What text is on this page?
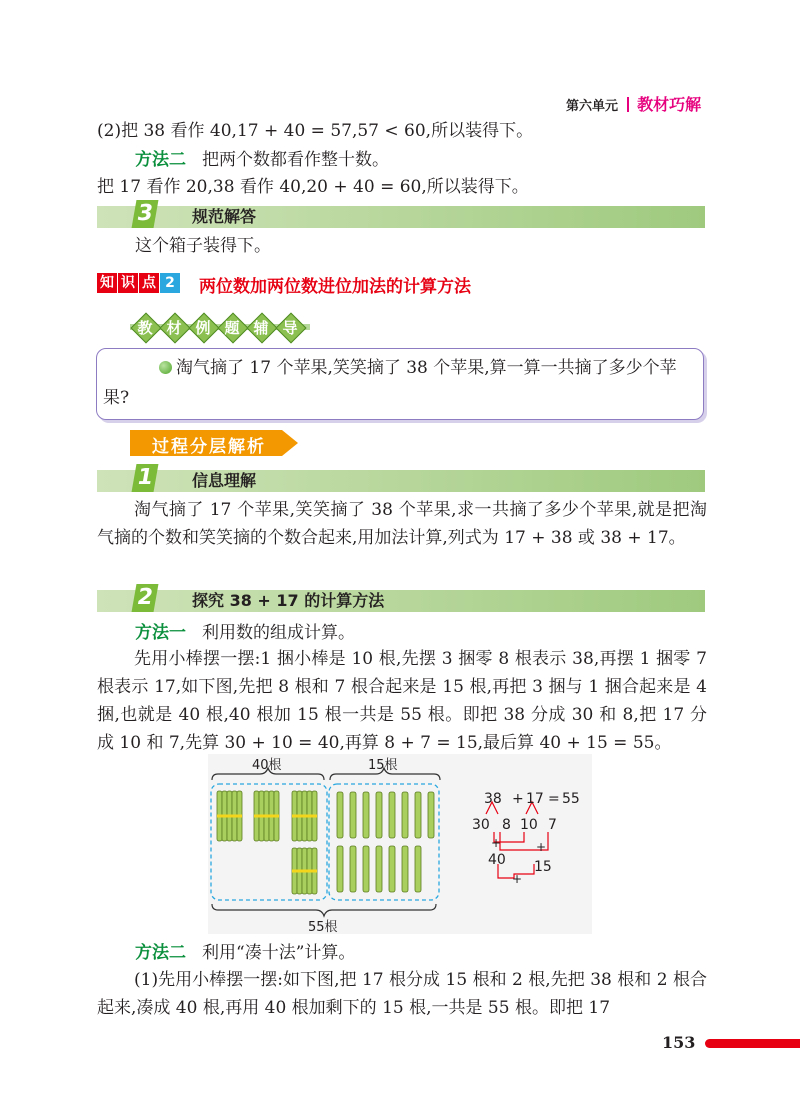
第六单元 教材巧解
(2)把 38 看作 40,17 + 40 = 57,57 < 60,所以装得下。
方法二 把两个数都看作整十数。
把 17 看作 20,38 看作 40,20 + 40 = 60,所以装得下。
3 规范解答
这个箱子装得下。
知 识 点 2	两位数加两位数进位加法的计算方法
教 材 例 题 辅 导
淘气摘了 17 个苹果,笑笑摘了 38 个苹果,算一算一共摘了多少个苹果?
过程分层解析
1 信息理解
淘气摘了 17 个苹果,笑笑摘了 38 个苹果,求一共摘了多少个苹果,就是把淘气摘的个数和笑笑摘的个数合起来,用加法计算,列式为 17 + 38 或 38 + 17。
2 探究 38 + 17 的计算方法
方法一 利用数的组成计算。
先用小棒摆一摆:1 捆小棒是 10 根,先摆 3 捆零 8 根表示 38,再摆 1 捆零 7 根表示 17,如下图,先把 8 根和 7 根合起来是 15 根,再把 3 捆与 1 捆合起来是 4 捆,也就是 40 根,40 根加 15 根一共是 55 根。即把 38 分成 30 和 8,把 17 分成 10 和 7,先算 30 + 10 = 40,再算 8 + 7 = 15,最后算 40 + 15 = 55。
40根	15根
55根
38 + 17 = 55
30 8 10 7
+	+
40 15
+
方法二 利用“凑十法”计算。
(1)先用小棒摆一摆:如下图,把 17 根分成 15 根和 2 根,先把 38 根和 2 根合起来,凑成 40 根,再用 40 根加剩下的 15 根,一共是 55 根。即把 17
153
